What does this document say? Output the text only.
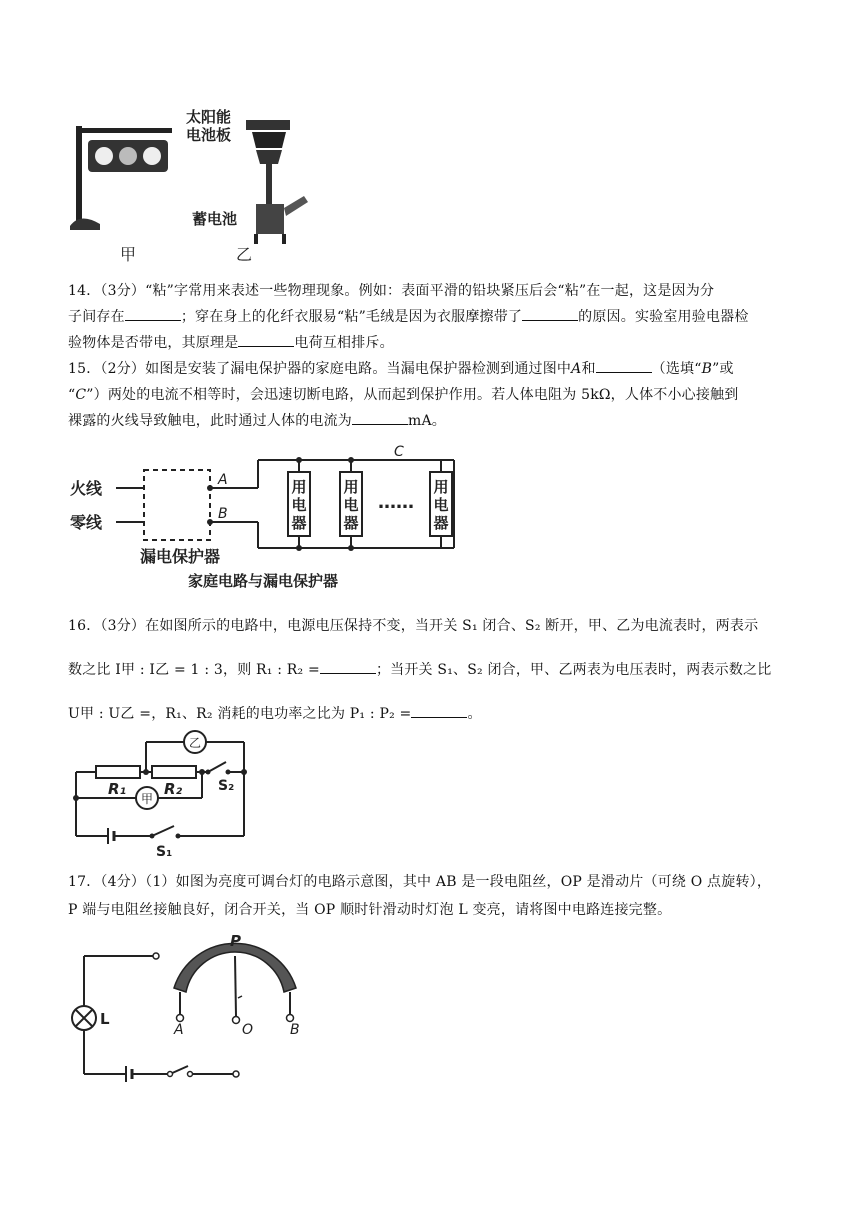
太阳能
电池板
蓄电池
甲	乙
14．（3分）“粘”字常用来表述一些物理现象。例如：表面平滑的铅块紧压后会“粘”在一起，这是因为分
子间存在	；穿在身上的化纤衣服易“粘”毛绒是因为衣服摩擦带了	的原因。实验室用验电器检
验物体是否带电，其原理是	电荷互相排斥。
15．（2分）如图是安装了漏电保护器的家庭电路。当漏电保护器检测到通过图中A和	（选填“B”或
“C”）两处的电流不相等时，会迅速切断电路，从而起到保护作用。若人体电阻为 5kΩ，人体不小心接触到
裸露的火线导致触电，此时通过人体的电流为	mA。
火线
零线
A
B
C
漏电保护器
用
电
器
用
电
器
用
电
器
……
家庭电路与漏电保护器
16．（3分）在如图所示的电路中，电源电压保持不变，当开关 S₁ 闭合、S₂ 断开，甲、乙为电流表时，两表示
数之比 I甲 : I乙 = 1 : 3，则 R₁ : R₂ =	；当开关 S₁、S₂ 闭合，甲、乙两表为电压表时，两表示数之比
U甲 : U乙 =，R₁、R₂ 消耗的电功率之比为 P₁ : P₂ =	。
乙
甲
R₁	R₂	S₂
S₁
17．（4分）（1）如图为亮度可调台灯的电路示意图，其中 AB 是一段电阻丝，OP 是滑动片（可绕 O 点旋转），
P 端与电阻丝接触良好，闭合开关，当 OP 顺时针滑动时灯泡 L 变亮，请将图中电路连接完整。
P
A	O	B
L
